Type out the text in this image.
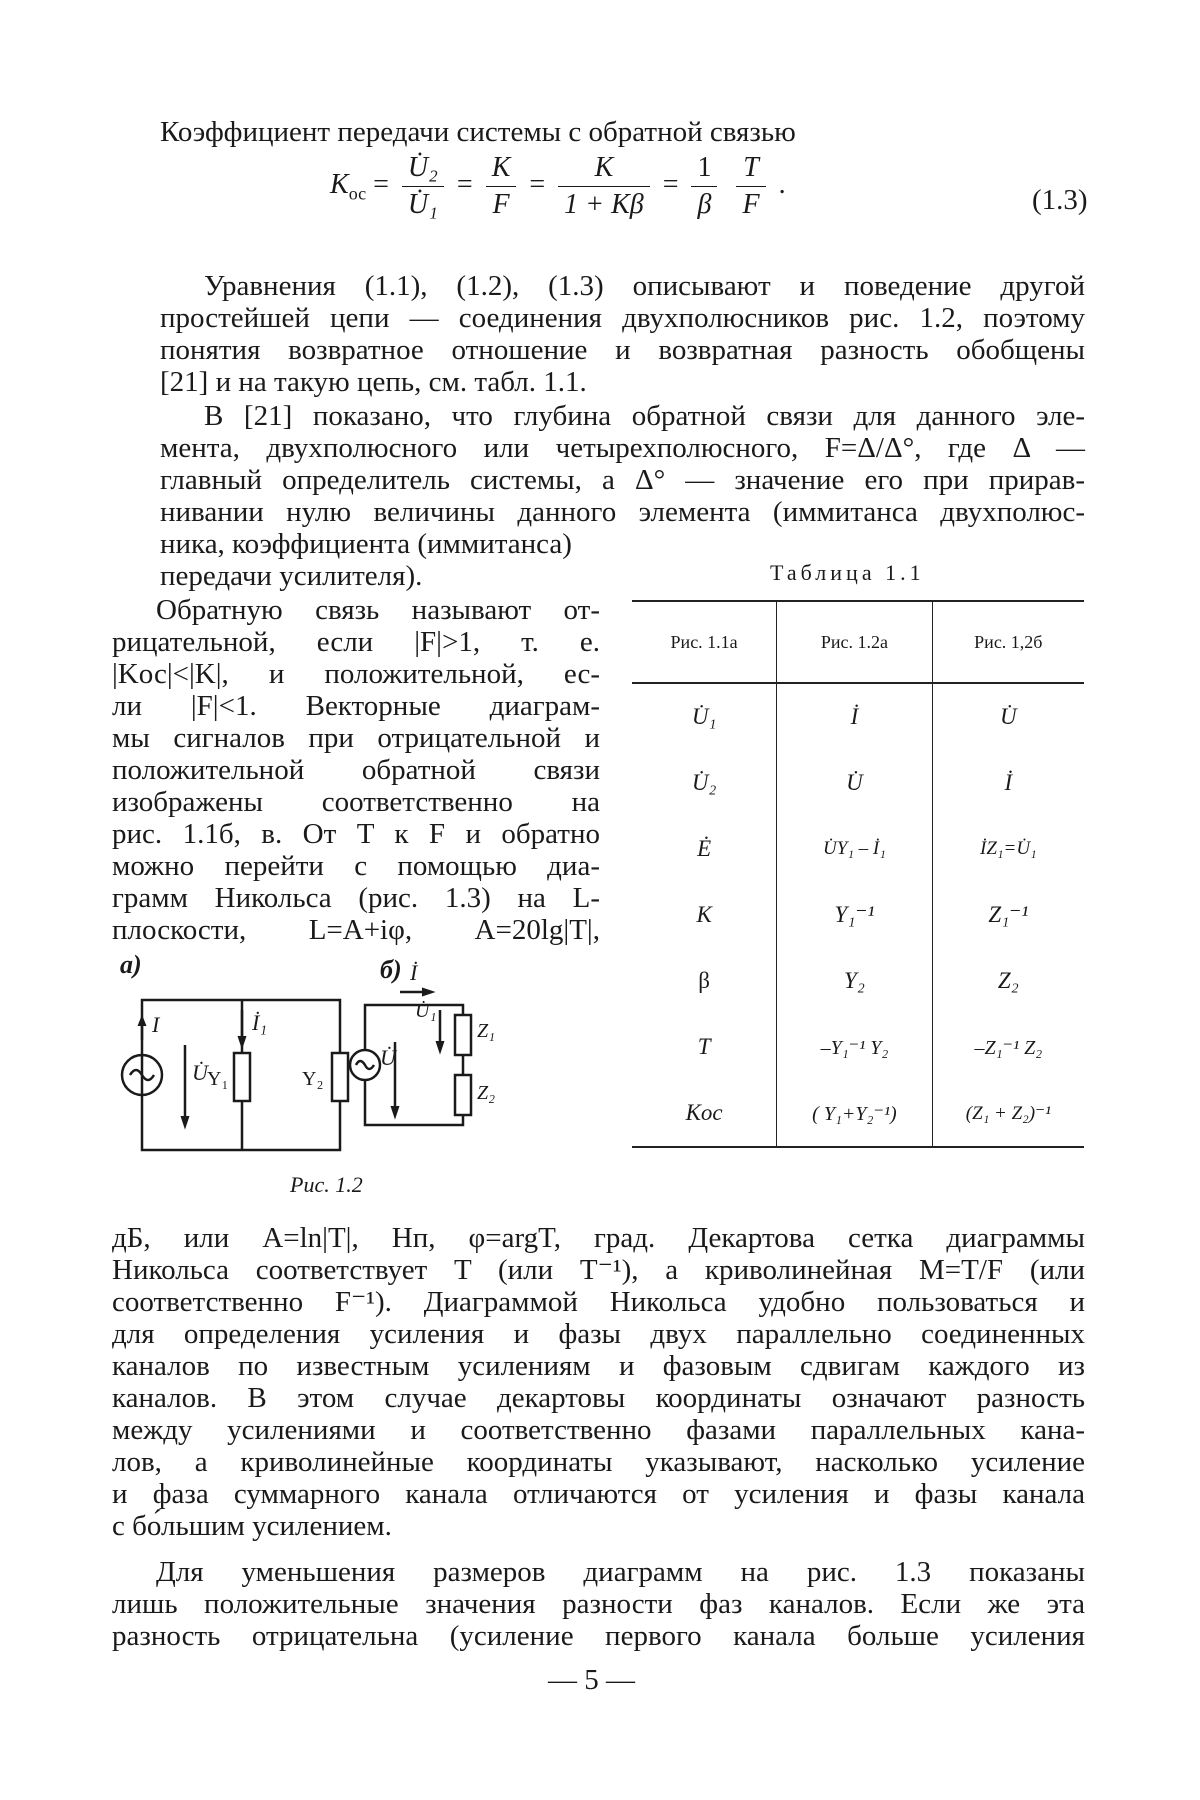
Коэффициент передачи системы с обратной связью
Kос =
U̇₂
U̇₁
=
K
F
=
K
1 + Kβ
=
1
β

T
F
.	(1.3)
Уравнения (1.1), (1.2), (1.3) описывают и поведение другой
простейшей цепи — соединения двухполюсников рис. 1.2, поэтому
понятия возвратное отношение и возвратная разность обобщены
[21] и на такую цепь, см. табл. 1.1.
В [21] показано, что глубина обратной связи для данного эле-
мента, двухполюсного или четырехполюсного, F=Δ/Δ°, где Δ —
главный определитель системы, а Δ° — значение его при прирав-
нивании нулю величины данного элемента (иммитанса двухполюс-
ника, коэффициента (иммитанса)
передачи усилителя).
Обратную связь называют от-
рицательной, если |F|>1, т. е.
|Kос|<|K|, и положительной, ес-
ли |F|<1. Векторные диаграм-
мы сигналов при отрицательной и
положительной обратной связи
изображены соответственно на
рис. 1.1б, в. От T к F и обратно
можно перейти с помощью диа-
грамм Никольса (рис. 1.3) на L-
плоскости, L=A+iφ, A=20lg|T|,
Таблица 1.1
Рис. 1.1а	Рис. 1.2а	Рис. 1,2б
U̇₁	İ	U̇
U̇₂	U̇	İ
Ė	U̇Y₁ – İ₁	İZ₁=U̇₁
K	Y₁⁻¹	Z₁⁻¹
β	Y₂	Z₂
T	–Y₁⁻¹ Y₂	–Z₁⁻¹ Z₂
Kос	( Y₁+Y₂⁻¹)	(Z₁ + Z₂)⁻¹
а)	б)
I
U̇
İ₁
Y₁	Y₂
İ
U̇
U̇₁
Z₁
Z₂
Рис. 1.2
дБ, или A=ln|T|, Нп, φ=argT, град. Декартова сетка диаграммы
Никольса соответствует T (или T⁻¹), а криволинейная M=T/F (или
соответственно F⁻¹). Диаграммой Никольса удобно пользоваться и
для определения усиления и фазы двух параллельно соединенных
каналов по известным усилениям и фазовым сдвигам каждого из
каналов. В этом случае декартовы координаты означают разность
между усилениями и соответственно фазами параллельных кана-
лов, а криволинейные координаты указывают, насколько усиление
и фаза суммарного канала отличаются от усиления и фазы канала
с бо́льшим усилением.
Для уменьшения размеров диаграмм на рис. 1.3 показаны
лишь положительные значения разности фаз каналов. Если же эта
разность отрицательна (усиление первого канала больше усиления
— 5 —
